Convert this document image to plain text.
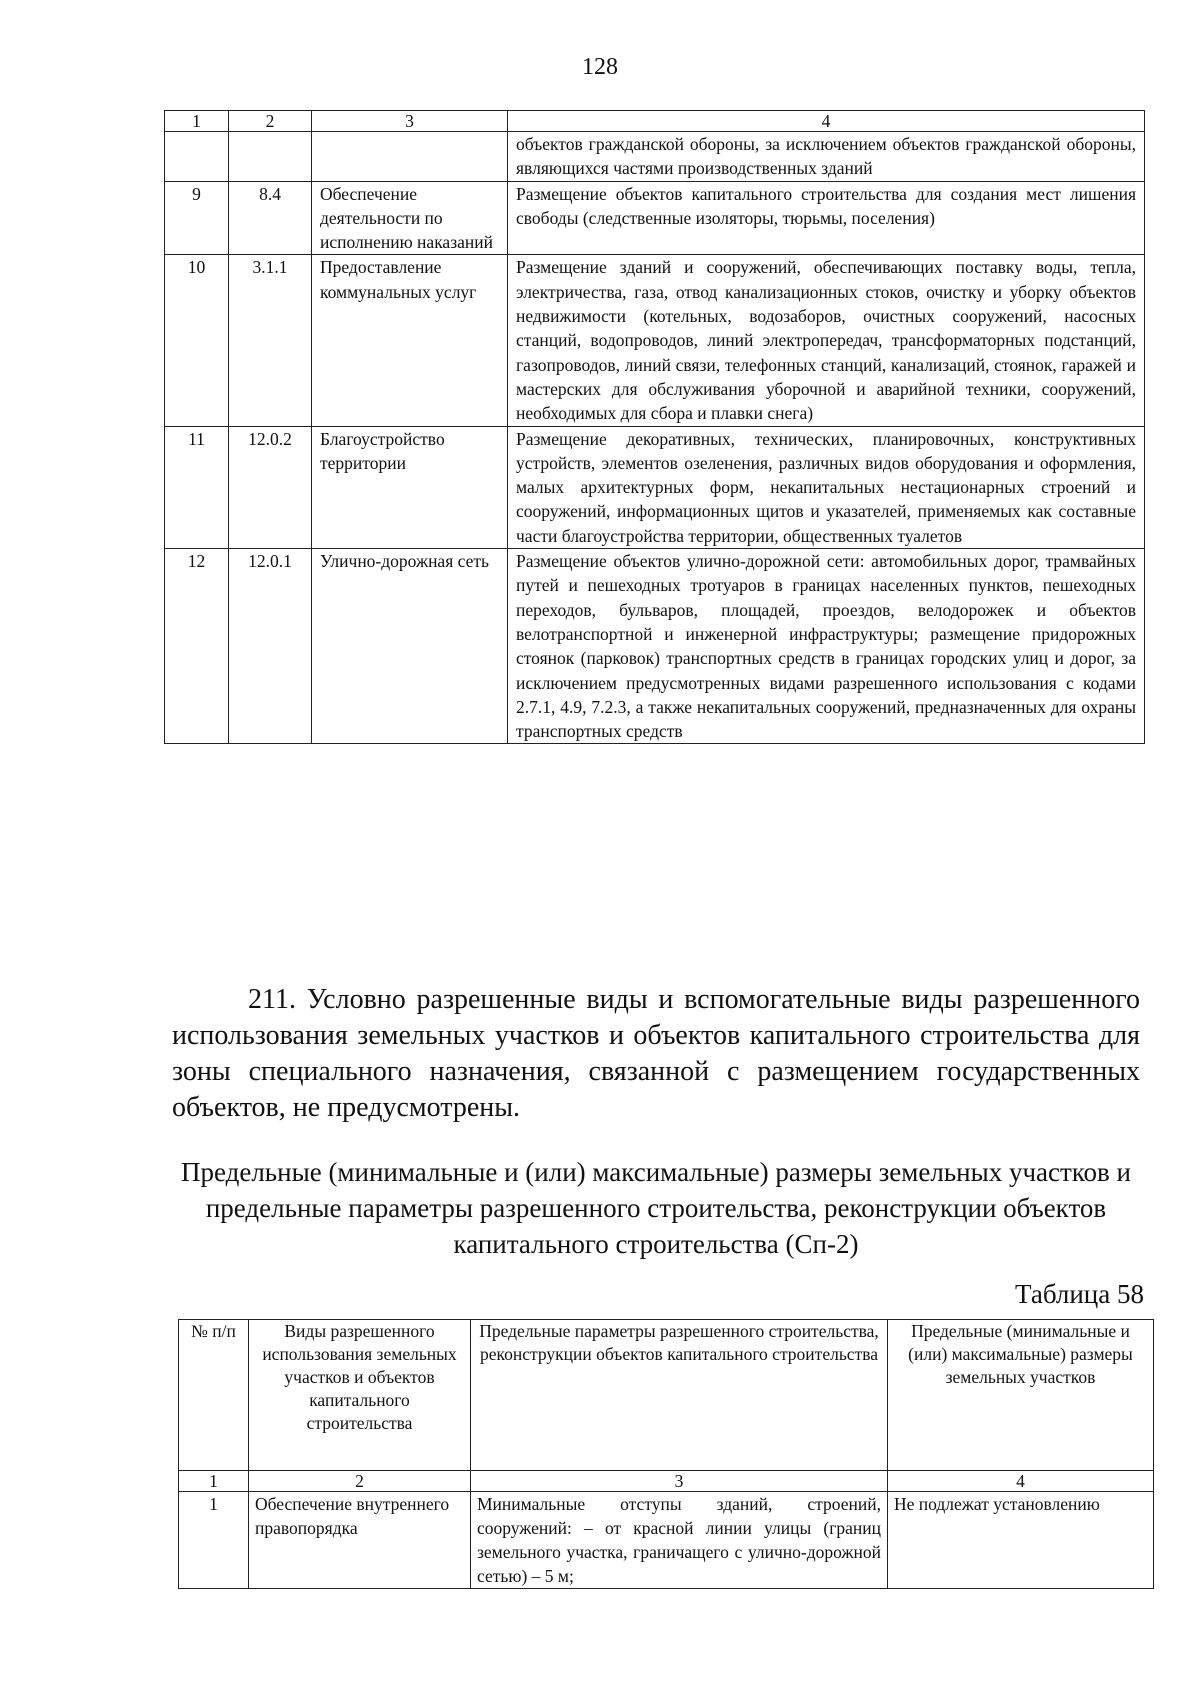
128
1	2	3	4
			объектов гражданской обороны, за исключением объектов гражданской обороны, являющихся частями производственных зданий
9	8.4	Обеспечение деятельности по исполнению наказаний	Размещение объектов капитального строительства для создания мест лишения свободы (следственные изоляторы, тюрьмы, поселения)
10	3.1.1	Предоставление коммунальных услуг	Размещение зданий и сооружений, обеспечивающих поставку воды, тепла, электричества, газа, отвод канализационных стоков, очистку и уборку объектов недвижимости (котельных, водозаборов, очистных сооружений, насосных станций, водопроводов, линий электропередач, трансформаторных подстанций, газопроводов, линий связи, телефонных станций, канализаций, стоянок, гаражей и мастерских для обслуживания уборочной и аварийной техники, сооружений, необходимых для сбора и плавки снега)
11	12.0.2	Благоустройство территории	Размещение декоративных, технических, планировочных, конструктивных устройств, элементов озеленения, различных видов оборудования и оформления, малых архитектурных форм, некапитальных нестационарных строений и сооружений, информационных щитов и указателей, применяемых как составные части благоустройства территории, общественных туалетов
12	12.0.1	Улично-дорожная сеть	Размещение объектов улично-дорожной сети: автомобильных дорог, трамвайных путей и пешеходных тротуаров в границах населенных пунктов, пешеходных переходов, бульваров, площадей, проездов, велодорожек и объектов велотранспортной и инженерной инфраструктуры; размещение придорожных стоянок (парковок) транспортных средств в границах городских улиц и дорог, за исключением предусмотренных видами разрешенного использования с кодами 2.7.1, 4.9, 7.2.3, а также некапитальных сооружений, предназначенных для охраны транспортных средств
211. Условно разрешенные виды и вспомогательные виды разрешенного использования земельных участков и объектов капитального строительства для зоны специального назначения, связанной с размещением государственных объектов, не предусмотрены.
Предельные (минимальные и (или) максимальные) размеры земельных участков и предельные параметры разрешенного строительства, реконструкции объектов капитального строительства (Сп-2)
Таблица 58
№ п/п	Виды разрешенного использования земельных участков и объектов капитального строительства	Предельные параметры разрешенного строительства, реконструкции объектов капитального строительства	Предельные (минимальные и (или) максимальные) размеры земельных участков
1	2	3	4
1	Обеспечение внутреннего правопорядка	Минимальные отступы зданий, строений, сооружений: – от красной линии улицы (границ земельного участка, граничащего с улично-дорожной сетью) – 5 м;	Не подлежат установлению
